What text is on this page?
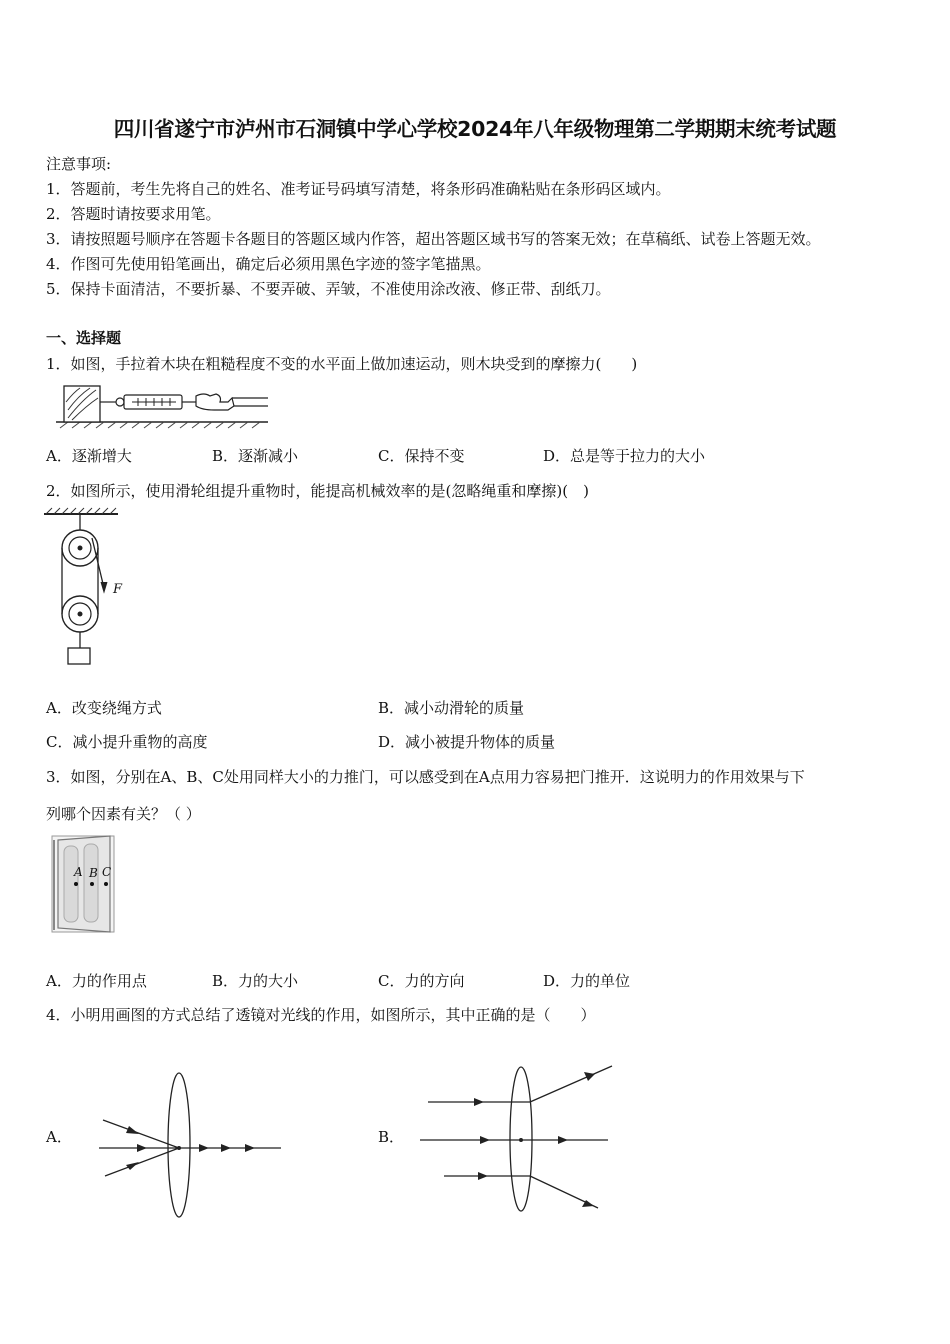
四川省遂宁市泸州市石洞镇中学心学校2024年八年级物理第二学期期末统考试题
注意事项:
1．答题前，考生先将自己的姓名、准考证号码填写清楚，将条形码准确粘贴在条形码区域内。
2．答题时请按要求用笔。
3．请按照题号顺序在答题卡各题目的答题区域内作答，超出答题区域书写的答案无效；在草稿纸、试卷上答题无效。
4．作图可先使用铅笔画出，确定后必须用黑色字迹的签字笔描黑。
5．保持卡面清洁，不要折暴、不要弄破、弄皱，不准使用涂改液、修正带、刮纸刀。
一、选择题
1．如图，手拉着木块在粗糙程度不变的水平面上做加速运动，则木块受到的摩擦力(　　)
A．逐渐增大	B．逐渐减小	C．保持不变	D．总是等于拉力的大小
2．如图所示，使用滑轮组提升重物时，能提高机械效率的是(忽略绳重和摩擦)(　)
F
A．改变绕绳方式	B．减小动滑轮的质量
C．减小提升重物的高度	D．减小被提升物体的质量
3．如图，分别在A、B、C处用同样大小的力推门，可以感受到在A点用力容易把门推开．这说明力的作用效果与下
列哪个因素有关？（ ）
A B C
A．力的作用点	B．力的大小	C．力的方向	D．力的单位
4．小明用画图的方式总结了透镜对光线的作用，如图所示，其中正确的是（　　）
A．	B．
